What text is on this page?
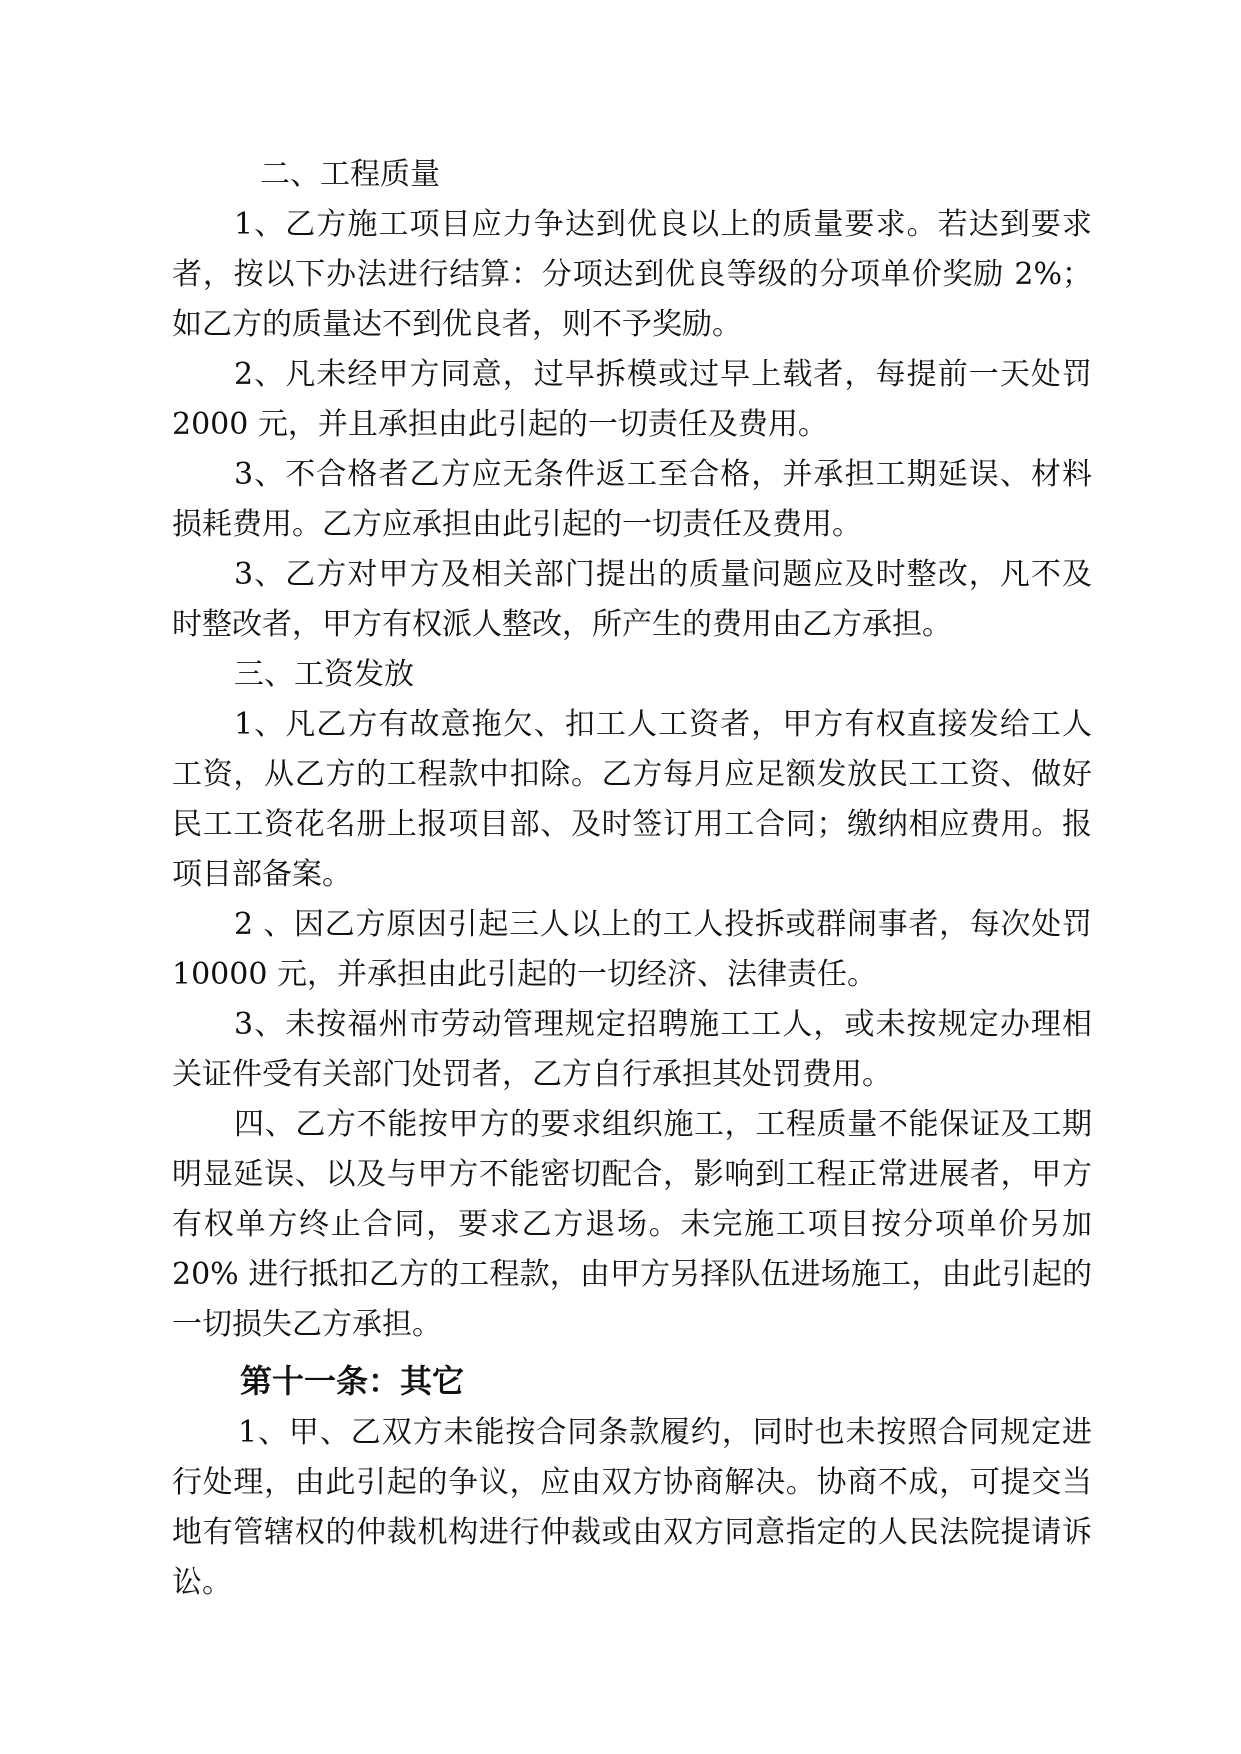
二、工程质量

1、乙方施工项目应力争达到优良以上的质量要求。若达到要求者，按以下办法进行结算：分项达到优良等级的分项单价奖励 2%；如乙方的质量达不到优良者，则不予奖励。

2、凡未经甲方同意，过早拆模或过早上载者，每提前一天处罚 2000 元，并且承担由此引起的一切责任及费用。

3、不合格者乙方应无条件返工至合格，并承担工期延误、材料损耗费用。乙方应承担由此引起的一切责任及费用。

3、乙方对甲方及相关部门提出的质量问题应及时整改，凡不及时整改者，甲方有权派人整改，所产生的费用由乙方承担。

三、工资发放

1、凡乙方有故意拖欠、扣工人工资者，甲方有权直接发给工人工资，从乙方的工程款中扣除。乙方每月应足额发放民工工资、做好民工工资花名册上报项目部、及时签订用工合同；缴纳相应费用。报项目部备案。

2 、因乙方原因引起三人以上的工人投拆或群闹事者，每次处罚 10000 元，并承担由此引起的一切经济、法律责任。

3、未按福州市劳动管理规定招聘施工工人，或未按规定办理相关证件受有关部门处罚者，乙方自行承担其处罚费用。

四、乙方不能按甲方的要求组织施工，工程质量不能保证及工期明显延误、以及与甲方不能密切配合，影响到工程正常进展者，甲方有权单方终止合同，要求乙方退场。未完施工项目按分项单价另加 20% 进行抵扣乙方的工程款，由甲方另择队伍进场施工，由此引起的一切损失乙方承担。

第十一条：其它

1、甲、乙双方未能按合同条款履约，同时也未按照合同规定进行处理，由此引起的争议，应由双方协商解决。协商不成，可提交当地有管辖权的仲裁机构进行仲裁或由双方同意指定的人民法院提请诉讼。
